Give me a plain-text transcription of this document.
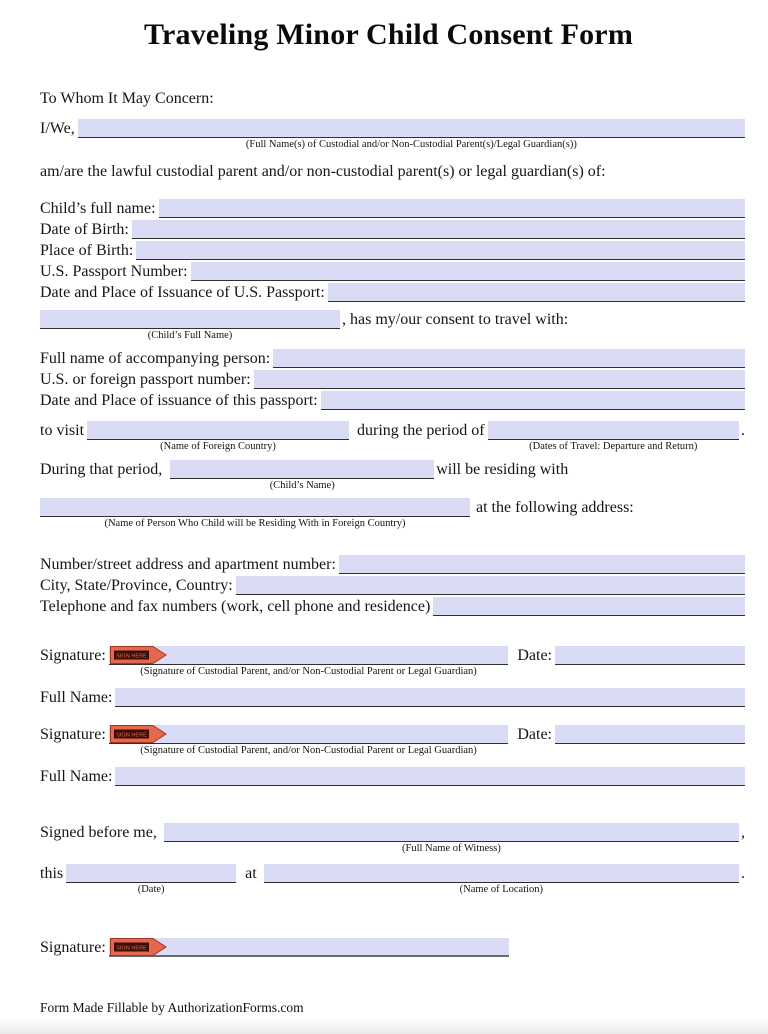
Traveling Minor Child Consent Form
To Whom It May Concern:
I/We,
(Full Name(s) of Custodial and/or Non-Custodial Parent(s)/Legal Guardian(s))
am/are the lawful custodial parent and/or non-custodial parent(s) or legal guardian(s) of:
Child’s full name:
Date of Birth:
Place of Birth:
U.S. Passport Number:
Date and Place of Issuance of U.S. Passport:
(Child’s Full Name)
, has my/our consent to travel with:
Full name of accompanying person:
U.S. or foreign passport number:
Date and Place of issuance of this passport:
to visit
(Name of Foreign Country)
during the period of
(Dates of Travel: Departure and Return)
.
During that period,
(Child’s Name)
will be residing with
(Name of Person Who Child will be Residing With in Foreign Country)
at the following address:
Number/street address and apartment number:
City, State/Province, Country:
Telephone and fax numbers (work, cell phone and residence)
Signature:	SIGN HERE
(Signature of Custodial Parent, and/or Non-Custodial Parent or Legal Guardian)
Date:
Full Name:
Signature:	SIGN HERE
(Signature of Custodial Parent, and/or Non-Custodial Parent or Legal Guardian)
Date:
Full Name:
Signed before me,
(Full Name of Witness)
,
this
(Date)
at
(Name of Location)
.
Signature:	SIGN HERE
Form Made Fillable by AuthorizationForms.com
